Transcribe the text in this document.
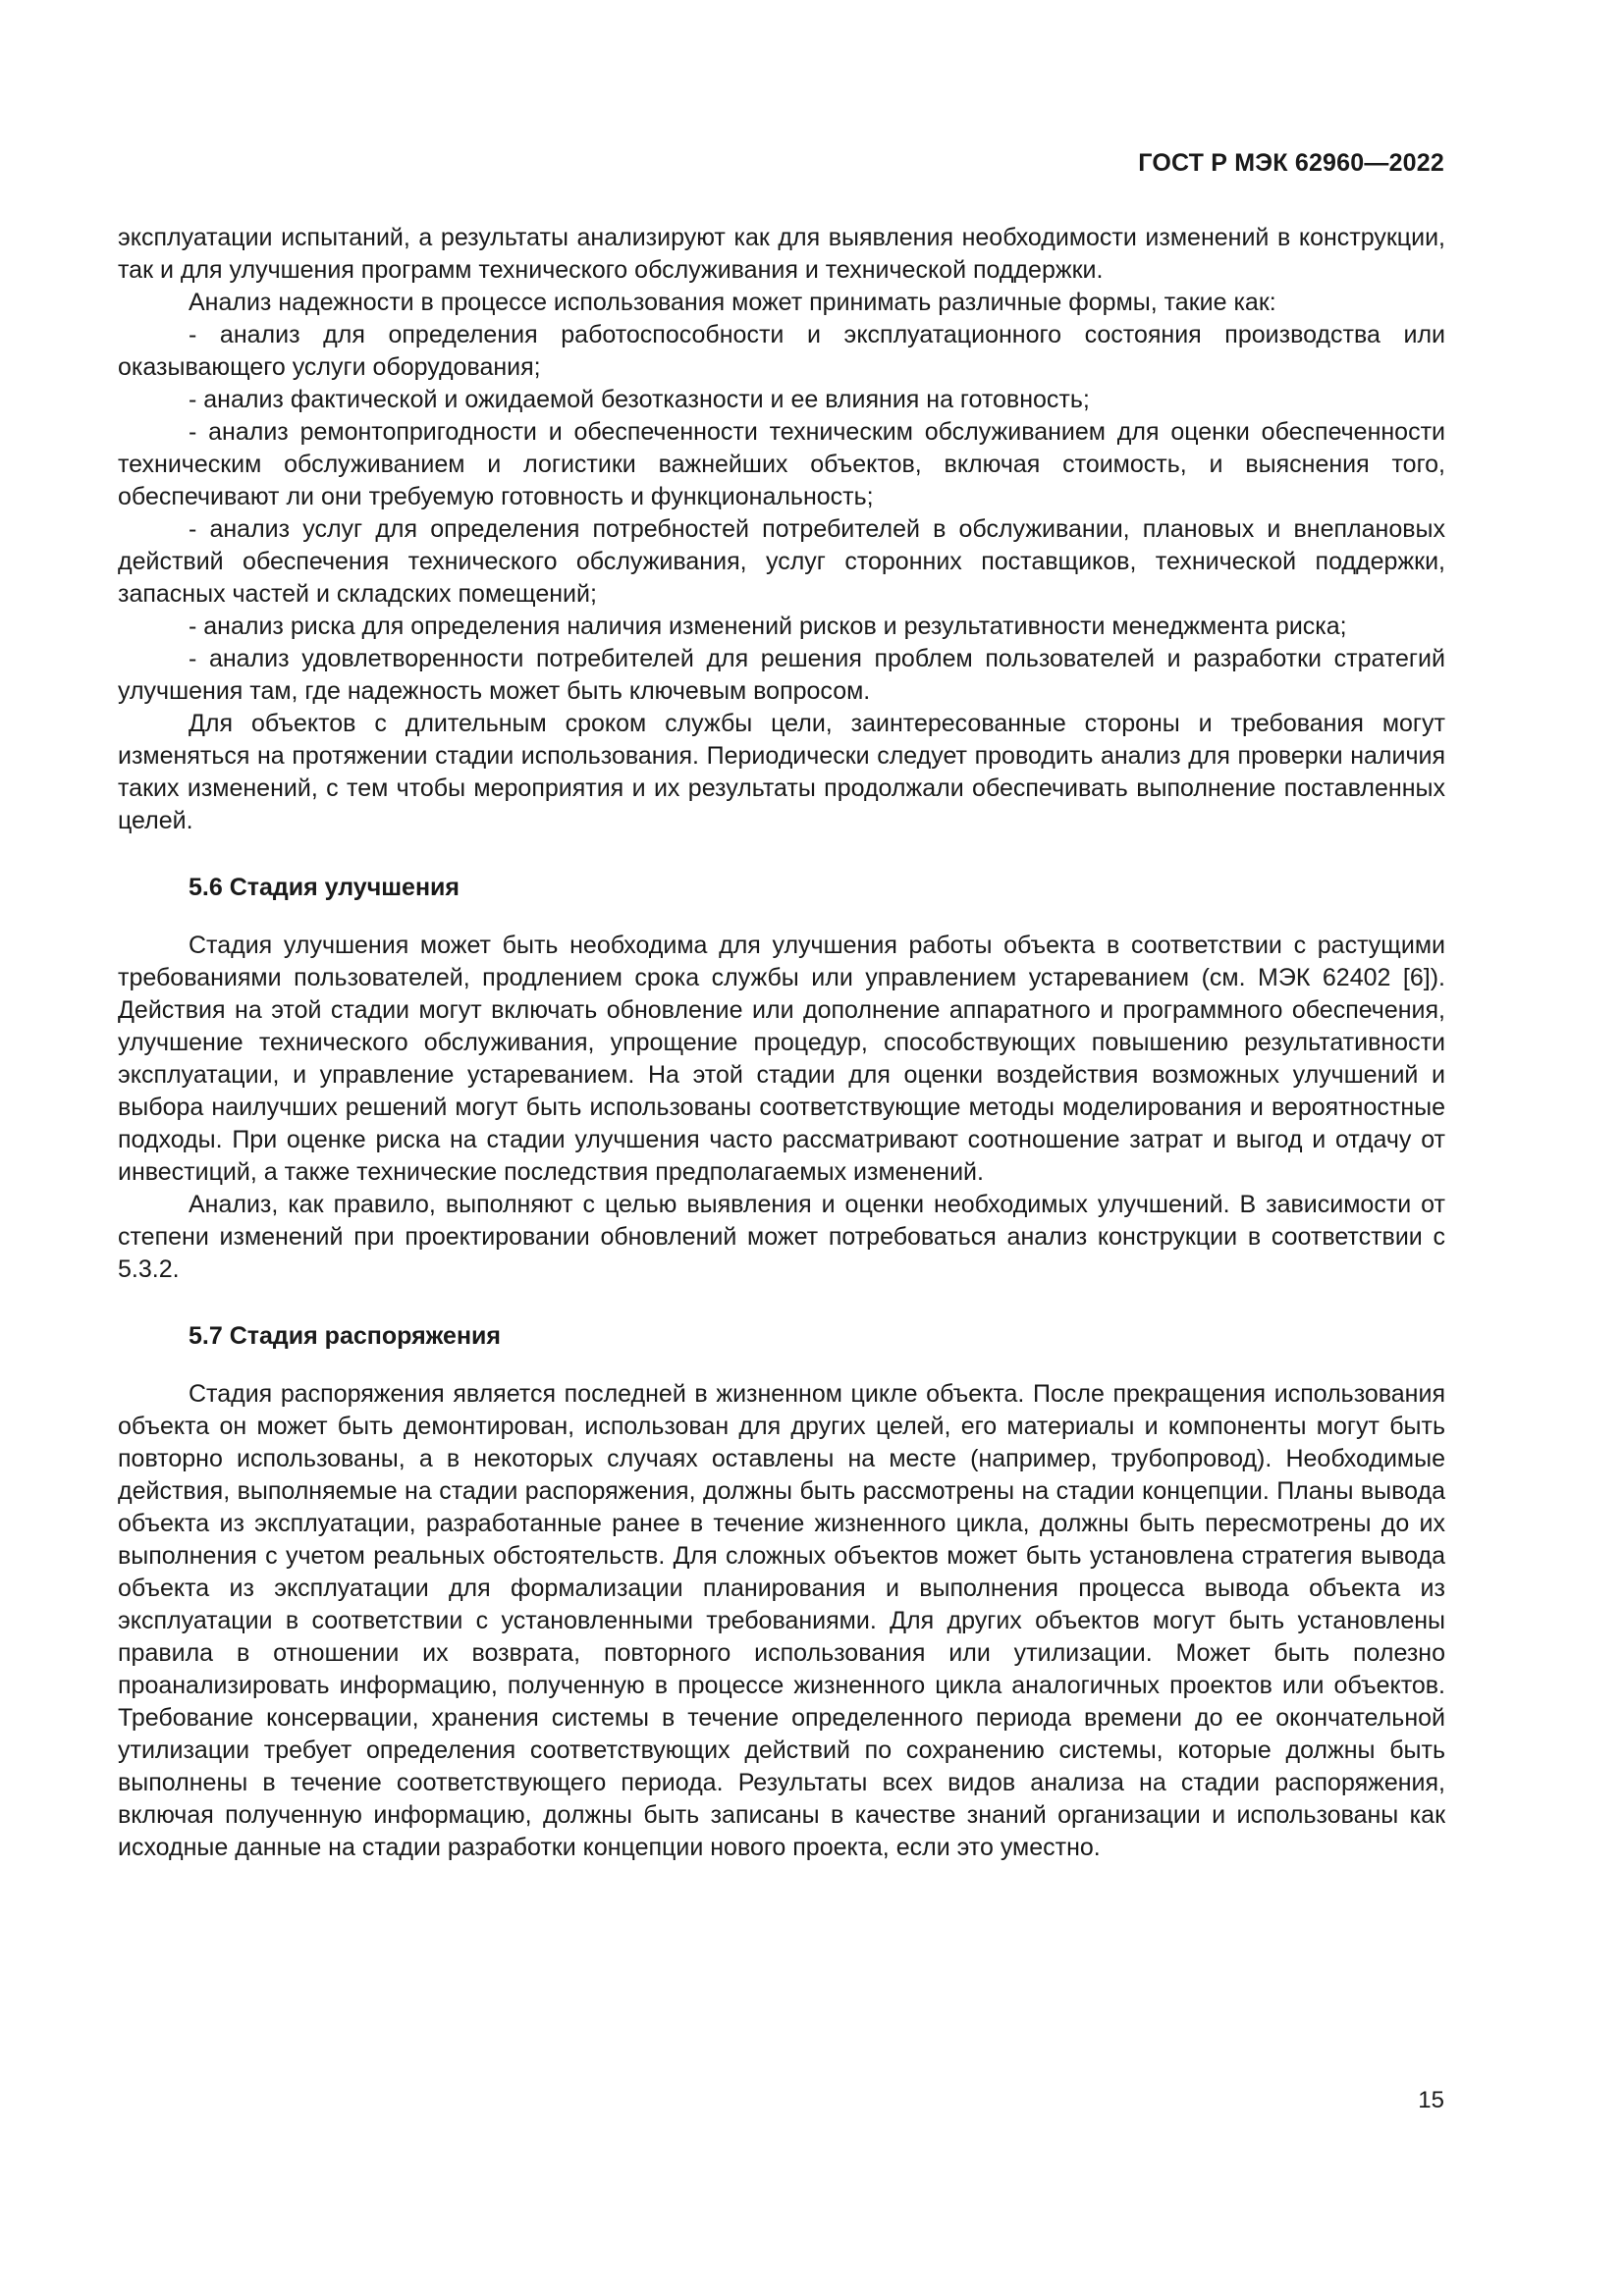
ГОСТ Р МЭК 62960—2022

эксплуатации испытаний, а результаты анализируют как для выявления необходимости изменений в конструкции, так и для улучшения программ технического обслуживания и технической поддержки.

Анализ надежности в процессе использования может принимать различные формы, такие как:

- анализ для определения работоспособности и эксплуатационного состояния производства или оказывающего услуги оборудования;

- анализ фактической и ожидаемой безотказности и ее влияния на готовность;

- анализ ремонтопригодности и обеспеченности техническим обслуживанием для оценки обеспеченности техническим обслуживанием и логистики важнейших объектов, включая стоимость, и выяснения того, обеспечивают ли они требуемую готовность и функциональность;

- анализ услуг для определения потребностей потребителей в обслуживании, плановых и внеплановых действий обеспечения технического обслуживания, услуг сторонних поставщиков, технической поддержки, запасных частей и складских помещений;

- анализ риска для определения наличия изменений рисков и результативности менеджмента риска;

- анализ удовлетворенности потребителей для решения проблем пользователей и разработки стратегий улучшения там, где надежность может быть ключевым вопросом.

Для объектов с длительным сроком службы цели, заинтересованные стороны и требования могут изменяться на протяжении стадии использования. Периодически следует проводить анализ для проверки наличия таких изменений, с тем чтобы мероприятия и их результаты продолжали обеспечивать выполнение поставленных целей.

5.6 Стадия улучшения

Стадия улучшения может быть необходима для улучшения работы объекта в соответствии с растущими требованиями пользователей, продлением срока службы или управлением устареванием (см. МЭК 62402 [6]). Действия на этой стадии могут включать обновление или дополнение аппаратного и программного обеспечения, улучшение технического обслуживания, упрощение процедур, способствующих повышению результативности эксплуатации, и управление устареванием. На этой стадии для оценки воздействия возможных улучшений и выбора наилучших решений могут быть использованы соответствующие методы моделирования и вероятностные подходы. При оценке риска на стадии улучшения часто рассматривают соотношение затрат и выгод и отдачу от инвестиций, а также технические последствия предполагаемых изменений.

Анализ, как правило, выполняют с целью выявления и оценки необходимых улучшений. В зависимости от степени изменений при проектировании обновлений может потребоваться анализ конструкции в соответствии с 5.3.2.

5.7 Стадия распоряжения

Стадия распоряжения является последней в жизненном цикле объекта. После прекращения использования объекта он может быть демонтирован, использован для других целей, его материалы и компоненты могут быть повторно использованы, а в некоторых случаях оставлены на месте (например, трубопровод). Необходимые действия, выполняемые на стадии распоряжения, должны быть рассмотрены на стадии концепции. Планы вывода объекта из эксплуатации, разработанные ранее в течение жизненного цикла, должны быть пересмотрены до их выполнения с учетом реальных обстоятельств. Для сложных объектов может быть установлена стратегия вывода объекта из эксплуатации для формализации планирования и выполнения процесса вывода объекта из эксплуатации в соответствии с установленными требованиями. Для других объектов могут быть установлены правила в отношении их возврата, повторного использования или утилизации. Может быть полезно проанализировать информацию, полученную в процессе жизненного цикла аналогичных проектов или объектов. Требование консервации, хранения системы в течение определенного периода времени до ее окончательной утилизации требует определения соответствующих действий по сохранению системы, которые должны быть выполнены в течение соответствующего периода. Результаты всех видов анализа на стадии распоряжения, включая полученную информацию, должны быть записаны в качестве знаний организации и использованы как исходные данные на стадии разработки концепции нового проекта, если это уместно.

15
